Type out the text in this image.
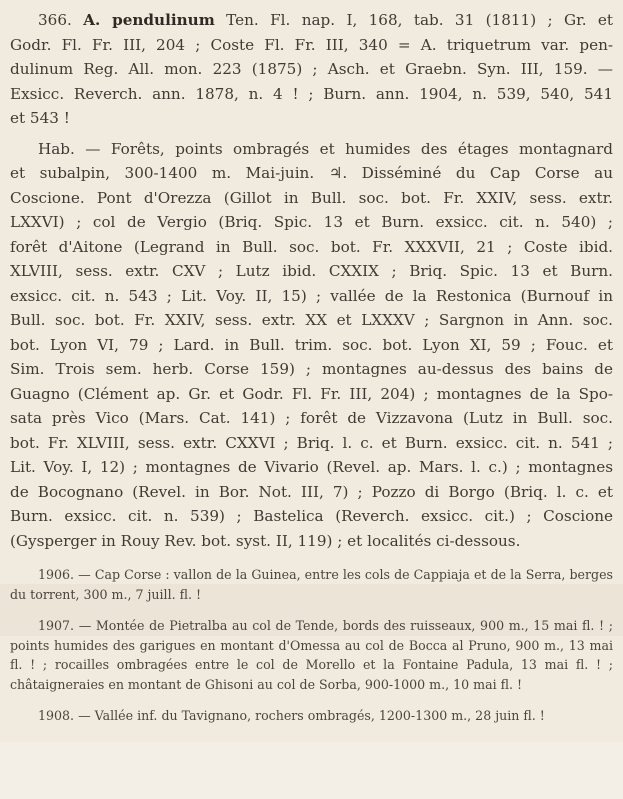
366. A. pendulinum Ten. Fl. nap. I, 168, tab. 31 (1811) ; Gr. et
Godr. Fl. Fr. III, 204 ; Coste Fl. Fr. III, 340 = A. triquetrum var. pen-
dulinum Reg. All. mon. 223 (1875) ; Asch. et Graebn. Syn. III, 159. —
Exsicc. Reverch. ann. 1878, n. 4 ! ; Burn. ann. 1904, n. 539, 540, 541
et 543 !

Hab. — Forêts, points ombragés et humides des étages montagnard
et subalpin, 300-1400 m. Mai-juin. ♃. Disséminé du Cap Corse au
Coscione. Pont d'Orezza (Gillot in Bull. soc. bot. Fr. XXIV, sess. extr.
LXXVI) ; col de Vergio (Briq. Spic. 13 et Burn. exsicc. cit. n. 540) ;
forêt d'Aitone (Legrand in Bull. soc. bot. Fr. XXXVII, 21 ; Coste ibid.
XLVIII, sess. extr. CXV ; Lutz ibid. CXXIX ; Briq. Spic. 13 et Burn.
exsicc. cit. n. 543 ; Lit. Voy. II, 15) ; vallée de la Restonica (Burnouf in
Bull. soc. bot. Fr. XXIV, sess. extr. XX et LXXXV ; Sargnon in Ann. soc.
bot. Lyon VI, 79 ; Lard. in Bull. trim. soc. bot. Lyon XI, 59 ; Fouc. et
Sim. Trois sem. herb. Corse 159) ; montagnes au-dessus des bains de
Guagno (Clément ap. Gr. et Godr. Fl. Fr. III, 204) ; montagnes de la Spo-
sata près Vico (Mars. Cat. 141) ; forêt de Vizzavona (Lutz in Bull. soc.
bot. Fr. XLVIII, sess. extr. CXXVI ; Briq. l. c. et Burn. exsicc. cit. n. 541 ;
Lit. Voy. I, 12) ; montagnes de Vivario (Revel. ap. Mars. l. c.) ; montagnes
de Bocognano (Revel. in Bor. Not. III, 7) ; Pozzo di Borgo (Briq. l. c. et
Burn. exsicc. cit. n. 539) ; Bastelica (Reverch. exsicc. cit.) ; Coscione
(Gysperger in Rouy Rev. bot. syst. II, 119) ; et localités ci-dessous.

1906. — Cap Corse : vallon de la Guinea, entre les cols de Cappiaja et de la Serra, berges du torrent, 300 m., 7 juill. fl. !

1907. — Montée de Pietralba au col de Tende, bords des ruisseaux, 900 m., 15 mai fl. ! ; points humides des garigues en montant d'Omessa au col de Bocca al Pruno, 900 m., 13 mai fl. ! ; rocailles ombragées entre le col de Morello et la Fontaine Padula, 13 mai fl. ! ; châtaigneraies en montant de Ghisoni au col de Sorba, 900-1000 m., 10 mai fl. !

1908. — Vallée inf. du Tavignano, rochers ombragés, 1200-1300 m., 28 juin fl. !
